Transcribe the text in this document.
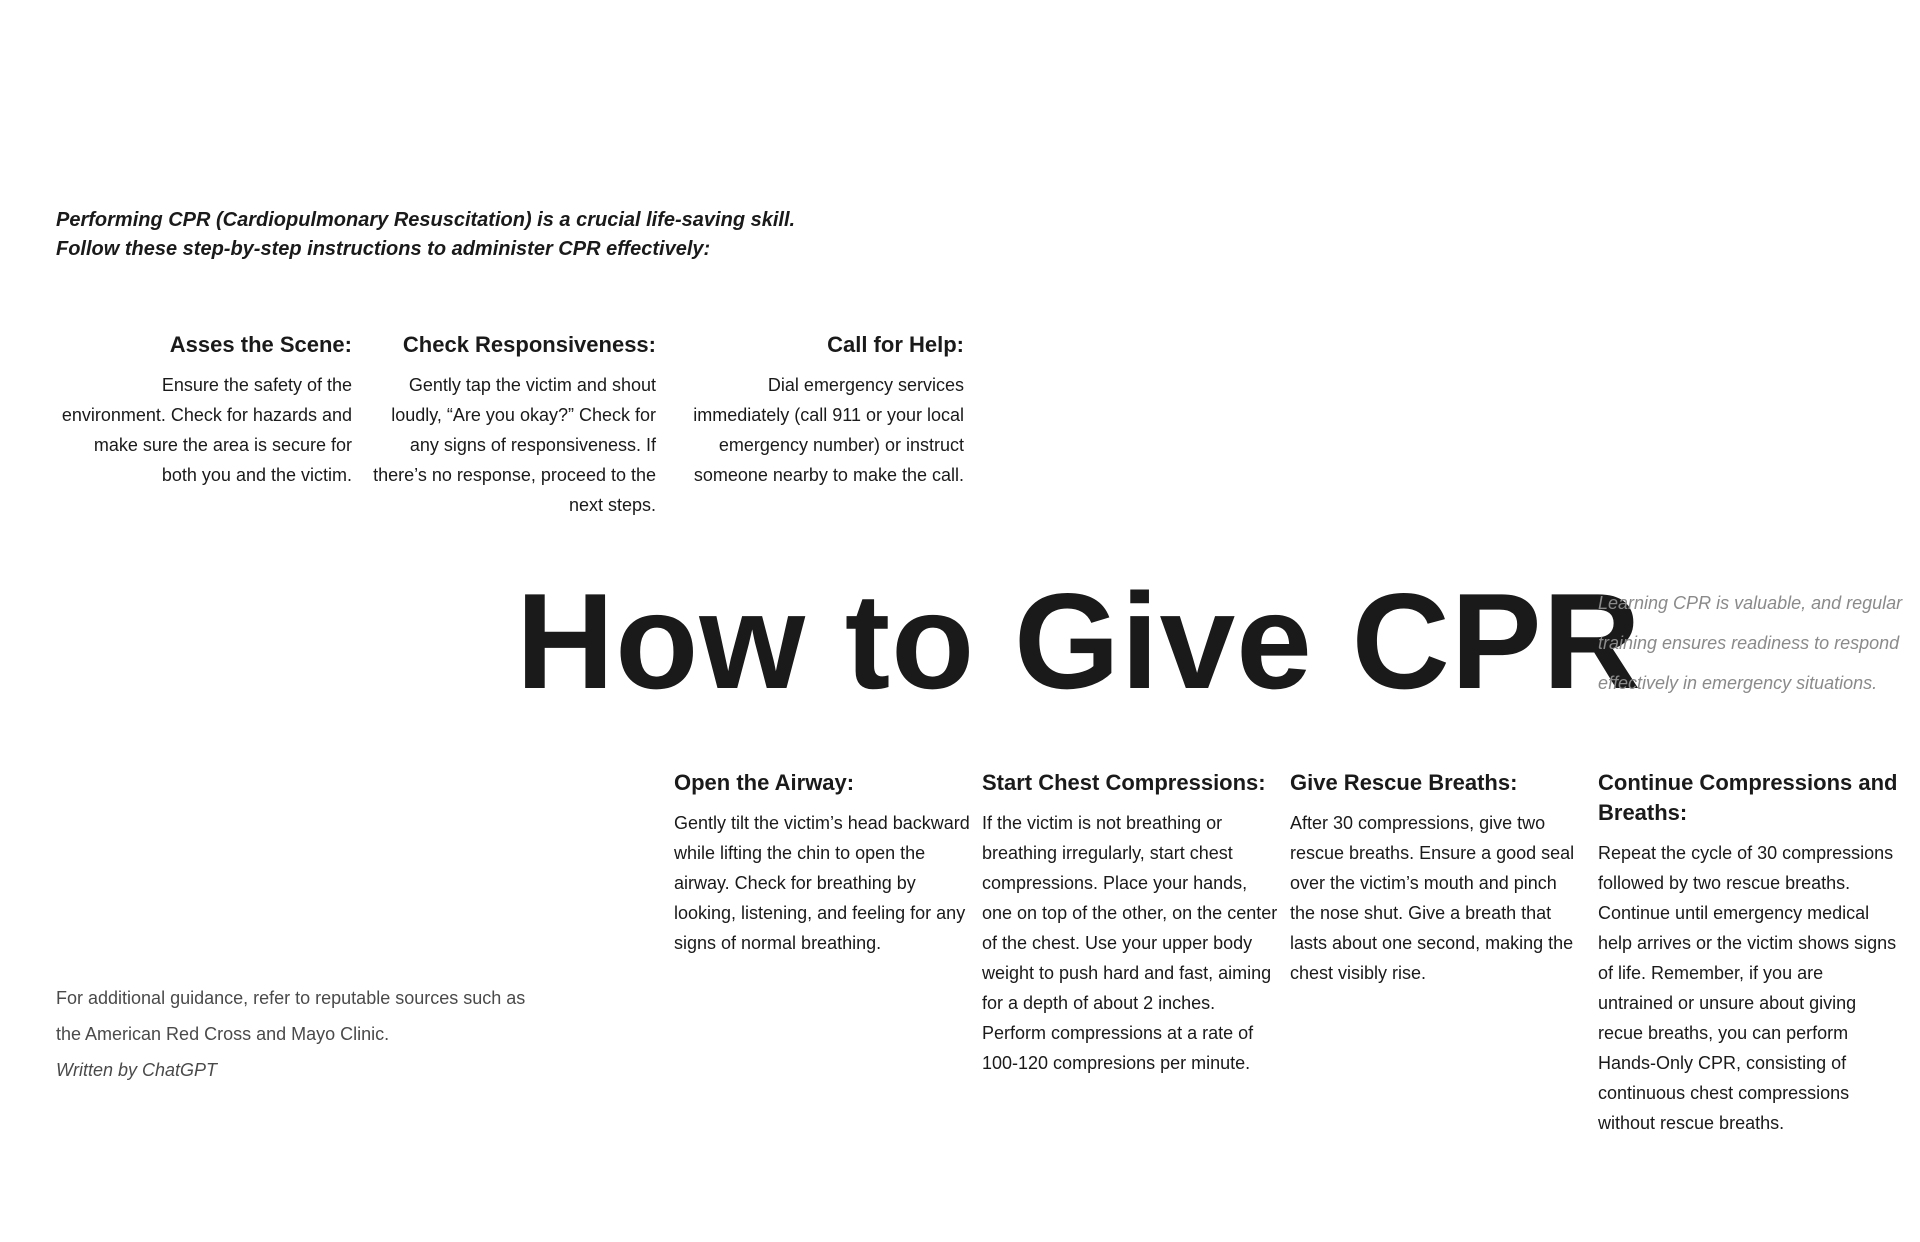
Performing CPR (Cardiopulmonary Resuscitation) is a crucial life-saving skill.
Follow these step-by-step instructions to administer CPR effectively:

Asses the Scene:

Ensure the safety of the environment. Check for hazards and make sure the area is secure for both you and the victim.

Check Responsiveness:

Gently tap the victim and shout loudly, “Are you okay?” Check for any signs of responsiveness. If there’s no response, proceed to the next steps.

Call for Help:

Dial emergency services immediately (call 911 or your local emergency number) or instruct someone nearby to make the call.

How to Give CPR

Learning CPR is valuable, and regular training ensures readiness to respond effectively in emergency situations.

Open the Airway:

Gently tilt the victim’s head backward while lifting the chin to open the airway. Check for breathing by looking, listening, and feeling for any signs of normal breathing.

Start Chest Compressions:

If the victim is not breathing or breathing irregularly, start chest compressions. Place your hands, one on top of the other, on the center of the chest. Use your upper body weight to push hard and fast, aiming for a depth of about 2 inches. Perform compressions at a rate of 100-120 compresions per minute.

Give Rescue Breaths:

After 30 compressions, give two rescue breaths. Ensure a good seal over the victim’s mouth and pinch the nose shut. Give a breath that lasts about one second, making the chest visibly rise.

Continue Compressions and Breaths:

Repeat the cycle of 30 compressions followed by two rescue breaths. Continue until emergency medical help arrives or the victim shows signs of life. Remember, if you are untrained or unsure about giving recue breaths, you can perform Hands-Only CPR, consisting of continuous chest compressions without rescue breaths.

For additional guidance, refer to reputable sources such as the American Red Cross and Mayo Clinic.

Written by ChatGPT
